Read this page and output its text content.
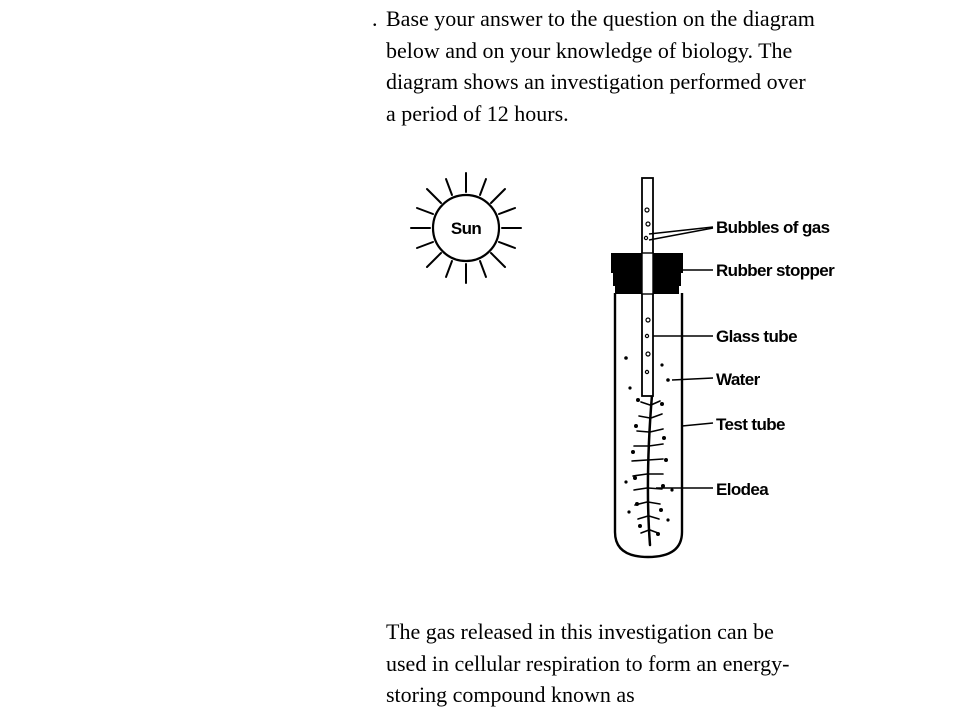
. Base your answer to the question on the diagram
below and on your knowledge of biology. The
diagram shows an investigation performed over
a period of 12 hours.
Sun	Bubbles of gas
Rubber stopper
Glass tube
Water
Test tube
Elodea
The gas released in this investigation can be
used in cellular respiration to form an energy-
storing compound known as
